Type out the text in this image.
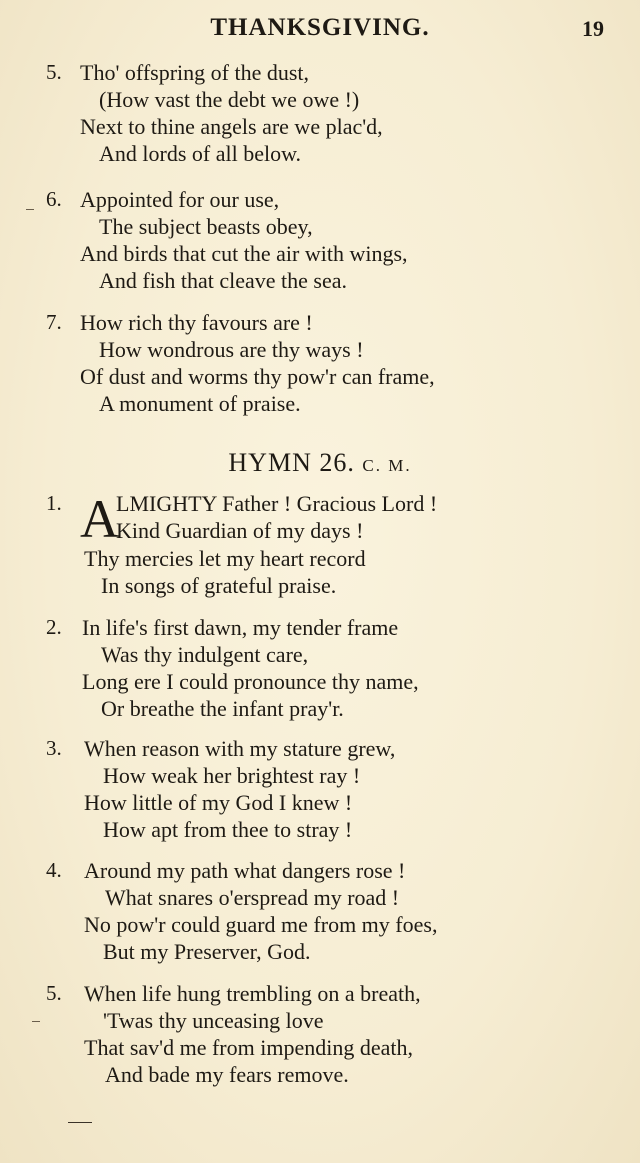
THANKSGIVING.	19
5. Tho' offspring of the dust,
(How vast the debt we owe !)
Next to thine angels are we plac'd,
And lords of all below.
6. Appointed for our use,
The subject beasts obey,
And birds that cut the air with wings,
And fish that cleave the sea.
7. How rich thy favours are !
How wondrous are thy ways !
Of dust and worms thy pow'r can frame,
A monument of praise.
HYMN 26. C. M.
A
1. LMIGHTY Father ! Gracious Lord !
Kind Guardian of my days !
Thy mercies let my heart record
In songs of grateful praise.
2. In life's first dawn, my tender frame
Was thy indulgent care,
Long ere I could pronounce thy name,
Or breathe the infant pray'r.
3. When reason with my stature grew,
How weak her brightest ray !
How little of my God I knew !
How apt from thee to stray !
4. Around my path what dangers rose !
What snares o'erspread my road !
No pow'r could guard me from my foes,
But my Preserver, God.
5. When life hung trembling on a breath,
'Twas thy unceasing love
That sav'd me from impending death,
And bade my fears remove.
